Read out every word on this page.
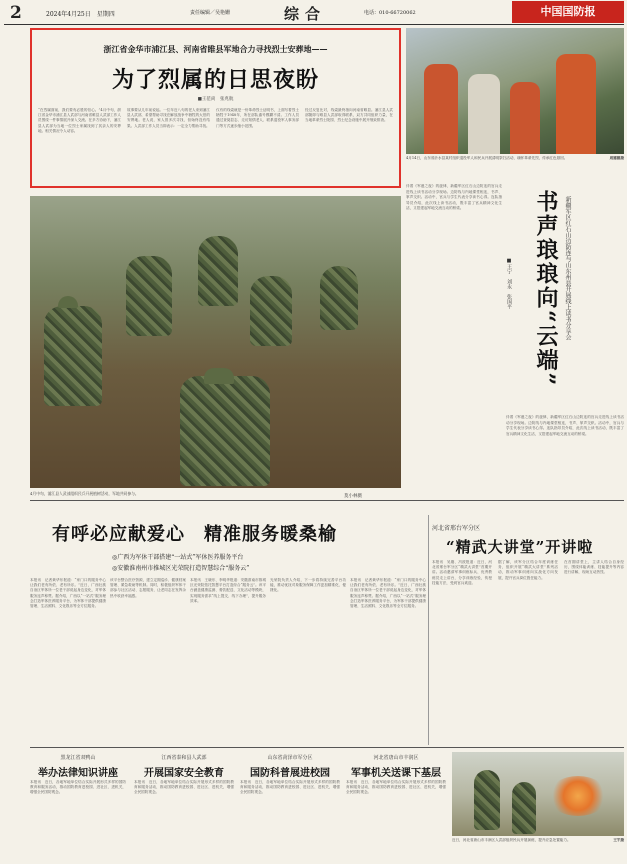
2	2024年4月25日　星期四	责任编辑／吴艳姗	综合	电话：010-66720062	中国国防报
浙江省金华市浦江县、河南省睢县军地合力寻找烈士安葬地——
为了烈属的日思夜盼
■王范尚　张兆航
“在烈属面前，我们要有必胜的信心。”4月中旬，浙江省金华市浦江县人武部与河南省睢县人武部工作人员围绕一件事情展开深入交流。在多方协助下，浦江县人武部为当地一位烈士家属找到了其亲人的安葬地。相关情况令人动容。
故事要从几年前说起。一位年近八旬的老人来到浦江县人武部，希望帮助寻找在解放战争中牺牲的大伯的安葬地。老人说，家人曾多次寻找，但始终没有结果。人武部工作人员当即表示：一定全力帮助寻找。
仅有的线索就是一份革命烈士证明书，上面写着烈士牺牲于1948年，所在部队番号模糊不清。工作人员通过查阅县志、走访知情老人、联系退役军人事务部门等方式逐步缩小范围。
经过反复比对，线索最终指向河南省睢县。浦江县人武部随即与睢县人武部取得联系，双方共同组织力量，在当地革命烈士陵园、烈士纪念设施中展开细致排查。
4月14日，山东省沂水县某村组织退役军人和民兵开展清明祭扫活动，缅怀革命先烈，传承红色基因。	周娜娜摄
伴着《军港之夜》的旋律，新疆军区红石山边防连的官兵走进线上读书活动分享现场。边防线与内地课堂相连，书声、掌声交织。活动中，官兵与学生代表分享读书心得。连队指导员介绍，此次线上读书活动，既丰富了官兵精神文化生活，又搭建起军地交流互动的桥梁。	书声琅琅向“云端” 新疆军区红石山边防连与山东州县开展线上读书分享会
■王宁　刘永　张国平
伴着《军港之夜》的旋律，新疆军区红石山边防连的官兵走进线上读书活动分享现场。边防线与内地课堂相连，书声、掌声交织。活动中，官兵与学生代表分享读书心得。连队指导员介绍，此次线上读书活动，既丰富了官兵精神文化生活，又搭建起军地交流互动的桥梁。
4月中旬，浦江县人武部组织民兵开展植树活动，军地共同参与。
莫小林摄
有呼必应献爱心　精准服务暖桑榆
◎广西为军休干部搭建“一站式”军休医养服务平台
◎安徽淮南州市推城区光荣院打造智慧综合“服务云”
本报讯　记者黄华东报道：“家门口的服务中心让我们老有所依、老有所乐。”近日，广西壮族自治区军休所一位老干部说起身边变化，对军休服务连声称赞。据介绍，广西以“一站式”服务理念打造军休医养服务平台，为军休干部提供健康管理、生活照料、文化娱乐等全方位服务。
该平台整合医疗资源，建立定期巡诊、健康档案管理、紧急救助等机制。同时，积极组织军休干部参与社区活动、志愿服务，让老同志在发挥余热中收获幸福感。
本报讯　王晓东、李明华报道：安徽淮南市推城区光荣院依托智慧平台打造综合“服务云”。该平台涵盖健康监测、餐饮配送、文化活动等模块，实现服务需求“线上提交、线下办理”，提升服务效率。
光荣院负责人介绍，下一步将持续完善平台功能，推动优抚对象服务保障工作更加精准化、便捷化。
本报讯　记者黄华东报道：“家门口的服务中心让我们老有所依、老有所乐。”近日，广西壮族自治区军休所一位老干部说起身边变化，对军休服务连声称赞。据介绍，广西以“一站式”服务理念打造军休医养服务平台，为军休干部提供健康管理、生活照料、文化娱乐等全方位服务。
河北省邢台军分区
“精武大讲堂”开讲啦
本报讯　吴刚、冯波报道：近日，河北省邢台军分区“精武大讲堂”首期开讲。活动邀请军事训练标兵、优秀教练员走上讲台，分享训练经验，传授技能方法，受到官兵欢迎。
据了解，该军分区结合年度训练任务，组织开展“精武大讲堂”系列活动，推动军事训练向实战化方向发展，提升官兵岗位胜任能力。
在首期讲堂上，主讲人结合自身经历，围绕体能训练、技能提升等内容进行讲解，现场互动热烈。
黑龙江省双鸭山
举办法律知识讲座
本报讯　近日，各地军地单位结合实际开展形式多样的国防教育和服务活动，推动国防教育进校园、进社区、进机关，增强全民国防观念。
江西省泰和县人武部
开展国家安全教育
本报讯　近日，各地军地单位结合实际开展形式多样的国防教育和服务活动，推动国防教育进校园、进社区、进机关，增强全民国防观念。
山东省菏泽市军分区
国防科普展进校园
本报讯　近日，各地军地单位结合实际开展形式多样的国防教育和服务活动，推动国防教育进校园、进社区、进机关，增强全民国防观念。
河北省唐山市丰润区
军事机关送课下基层
本报讯　近日，各地军地单位结合实际开展形式多样的国防教育和服务活动，推动国防教育进校园、进社区、进机关，增强全民国防观念。
近日，河北省唐山市丰润区人武部组织民兵开展演练，提升应急处置能力。	王宇摄
